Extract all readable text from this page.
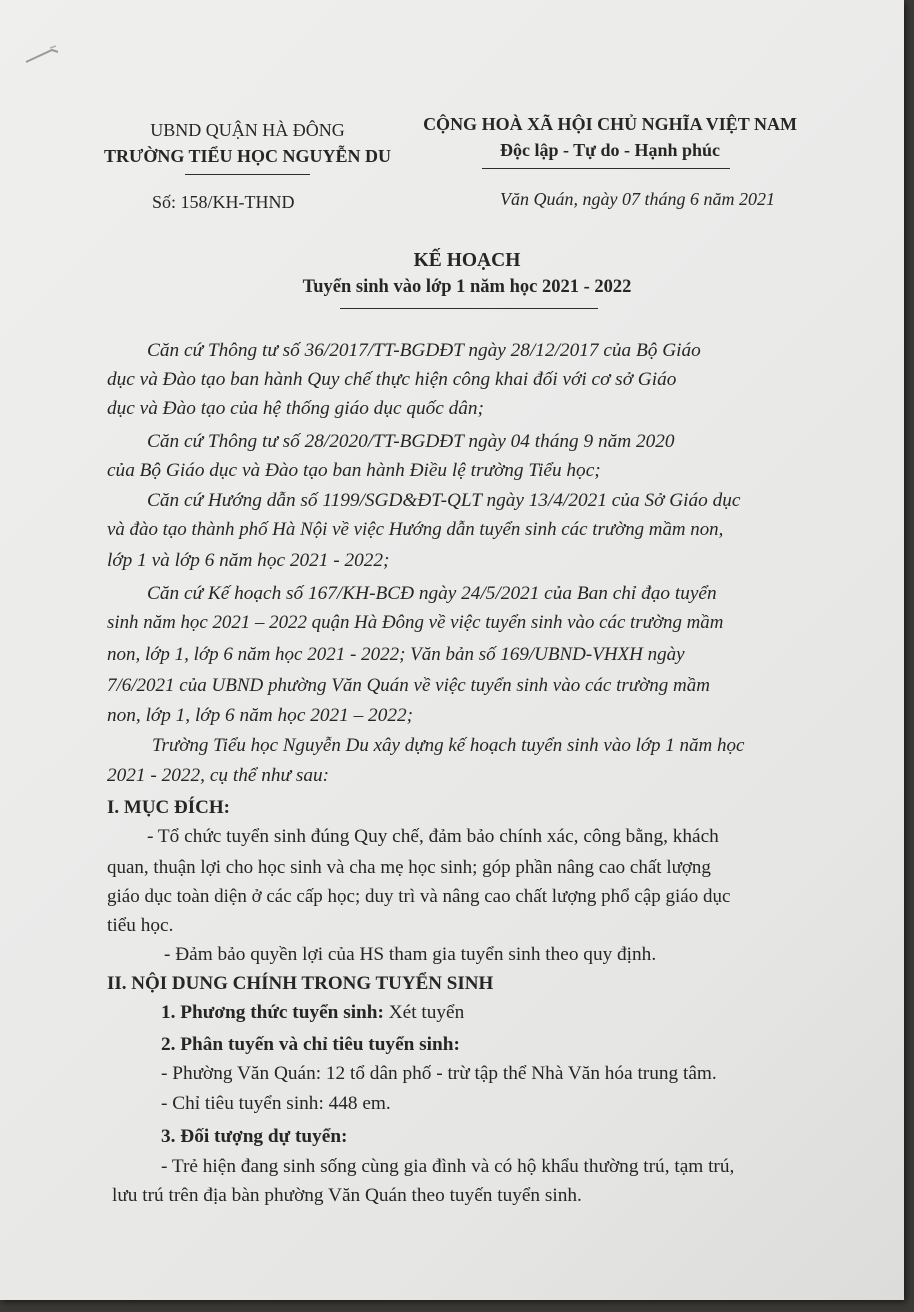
UBND QUẬN HÀ ĐÔNG
TRƯỜNG TIỂU HỌC NGUYỄN DU
CỘNG HOÀ XÃ HỘI CHỦ NGHĨA VIỆT NAM
Độc lập - Tự do - Hạnh phúc
Số: 158/KH-THND	Văn Quán, ngày 07 tháng 6 năm 2021
KẾ HOẠCH
Tuyển sinh vào lớp 1 năm học 2021 - 2022
Căn cứ Thông tư số 36/2017/TT-BGDĐT ngày 28/12/2017 của Bộ Giáo
dục và Đào tạo ban hành Quy chế thực hiện công khai đối với cơ sở Giáo
dục và Đào tạo của hệ thống giáo dục quốc dân;
Căn cứ Thông tư số 28/2020/TT-BGDĐT ngày 04 tháng 9 năm 2020
của Bộ Giáo dục và Đào tạo ban hành Điều lệ trường Tiểu học;
Căn cứ Hướng dẫn số 1199/SGD&ĐT-QLT ngày 13/4/2021 của Sở Giáo dục
và đào tạo thành phố Hà Nội về việc Hướng dẫn tuyển sinh các trường mầm non,
lớp 1 và lớp 6 năm học 2021 - 2022;
Căn cứ Kế hoạch số 167/KH-BCĐ ngày 24/5/2021 của Ban chỉ đạo tuyển
sinh năm học 2021 – 2022 quận Hà Đông về việc tuyển sinh vào các trường mầm
non, lớp 1, lớp 6 năm học 2021 - 2022; Văn bản số 169/UBND-VHXH ngày
7/6/2021 của UBND phường Văn Quán về việc tuyển sinh vào các trường mầm
non, lớp 1, lớp 6 năm học 2021 – 2022;
Trường Tiểu học Nguyễn Du xây dựng kế hoạch tuyển sinh vào lớp 1 năm học
2021 - 2022, cụ thể như sau:
I. MỤC ĐÍCH:
- Tổ chức tuyển sinh đúng Quy chế, đảm bảo chính xác, công bằng, khách
quan, thuận lợi cho học sinh và cha mẹ học sinh; góp phần nâng cao chất lượng
giáo dục toàn diện ở các cấp học; duy trì và nâng cao chất lượng phổ cập giáo dục
tiểu học.
- Đảm bảo quyền lợi của HS tham gia tuyển sinh theo quy định.
II. NỘI DUNG CHÍNH TRONG TUYỂN SINH
1. Phương thức tuyển sinh: Xét tuyển
2. Phân tuyến và chỉ tiêu tuyển sinh:
- Phường Văn Quán: 12 tổ dân phố - trừ tập thể Nhà Văn hóa trung tâm.
- Chỉ tiêu tuyển sinh: 448 em.
3. Đối tượng dự tuyển:
- Trẻ hiện đang sinh sống cùng gia đình và có hộ khẩu thường trú, tạm trú,
lưu trú trên địa bàn phường Văn Quán theo tuyến tuyển sinh.
